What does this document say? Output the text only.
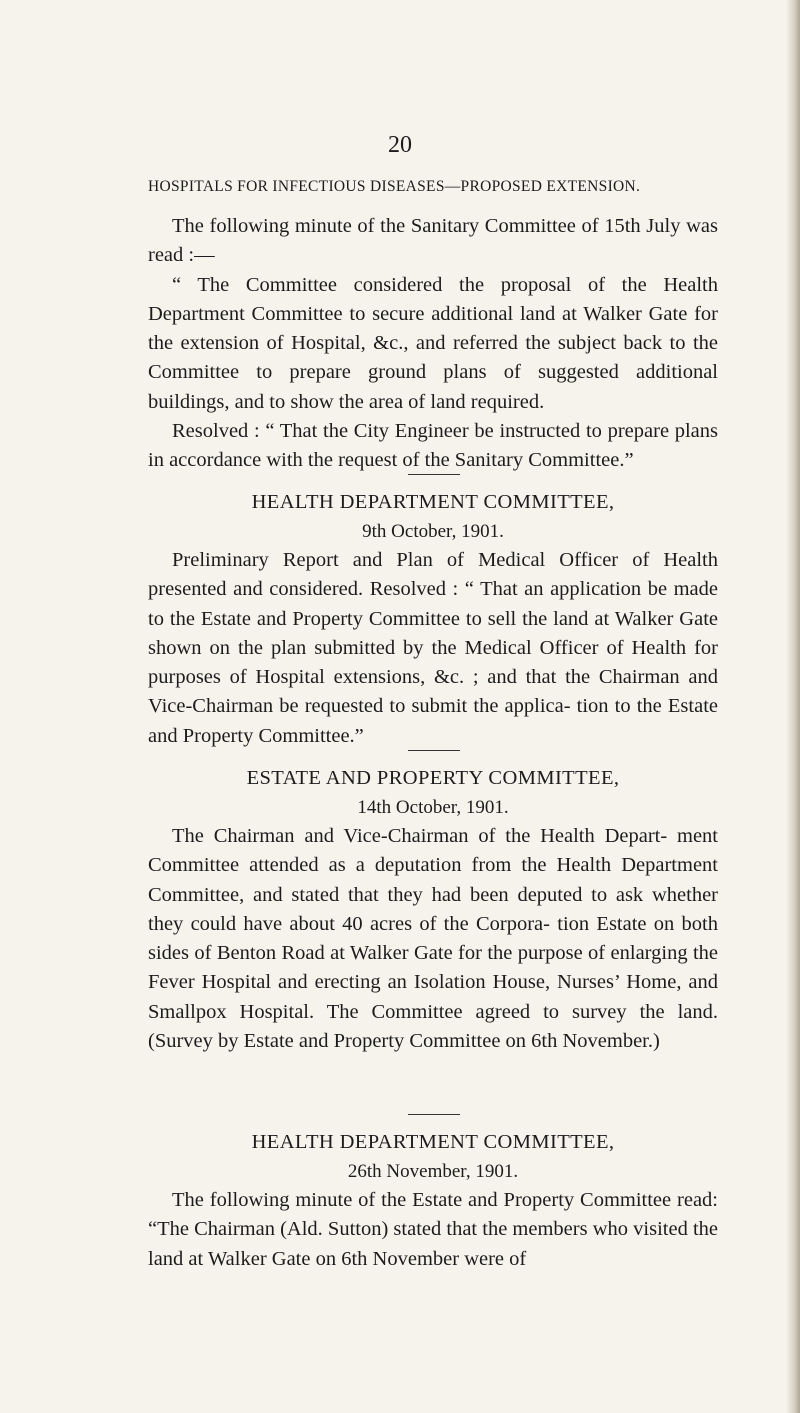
20
HOSPITALS FOR INFECTIOUS DISEASES—PROPOSED EXTENSION.

The following minute of the Sanitary Committee of 15th July was read :—

“ The Committee considered the proposal of the Health Department Committee to secure additional land at Walker Gate for the extension of Hospital, &c., and referred the subject back to the Committee to prepare ground plans of suggested additional buildings, and to show the area of land required.

Resolved : “ That the City Engineer be instructed to prepare plans in accordance with the request of the Sanitary Committee.”

HEALTH DEPARTMENT COMMITTEE,
9th October, 1901.

Preliminary Report and Plan of Medical Officer of Health presented and considered. Resolved : “ That an application be made to the Estate and Property Committee to sell the land at Walker Gate shown on the plan submitted by the Medical Officer of Health for purposes of Hospital extensions, &c. ; and that the Chairman and Vice-Chairman be requested to submit the applica- tion to the Estate and Property Committee.”

ESTATE AND PROPERTY COMMITTEE,
14th October, 1901.

The Chairman and Vice-Chairman of the Health Depart- ment Committee attended as a deputation from the Health Department Committee, and stated that they had been deputed to ask whether they could have about 40 acres of the Corpora- tion Estate on both sides of Benton Road at Walker Gate for the purpose of enlarging the Fever Hospital and erecting an Isolation House, Nurses’ Home, and Smallpox Hospital. The Committee agreed to survey the land. (Survey by Estate and Property Committee on 6th November.)

HEALTH DEPARTMENT COMMITTEE,
26th November, 1901.

The following minute of the Estate and Property Committee read: “The Chairman (Ald. Sutton) stated that the members who visited the land at Walker Gate on 6th November were of
